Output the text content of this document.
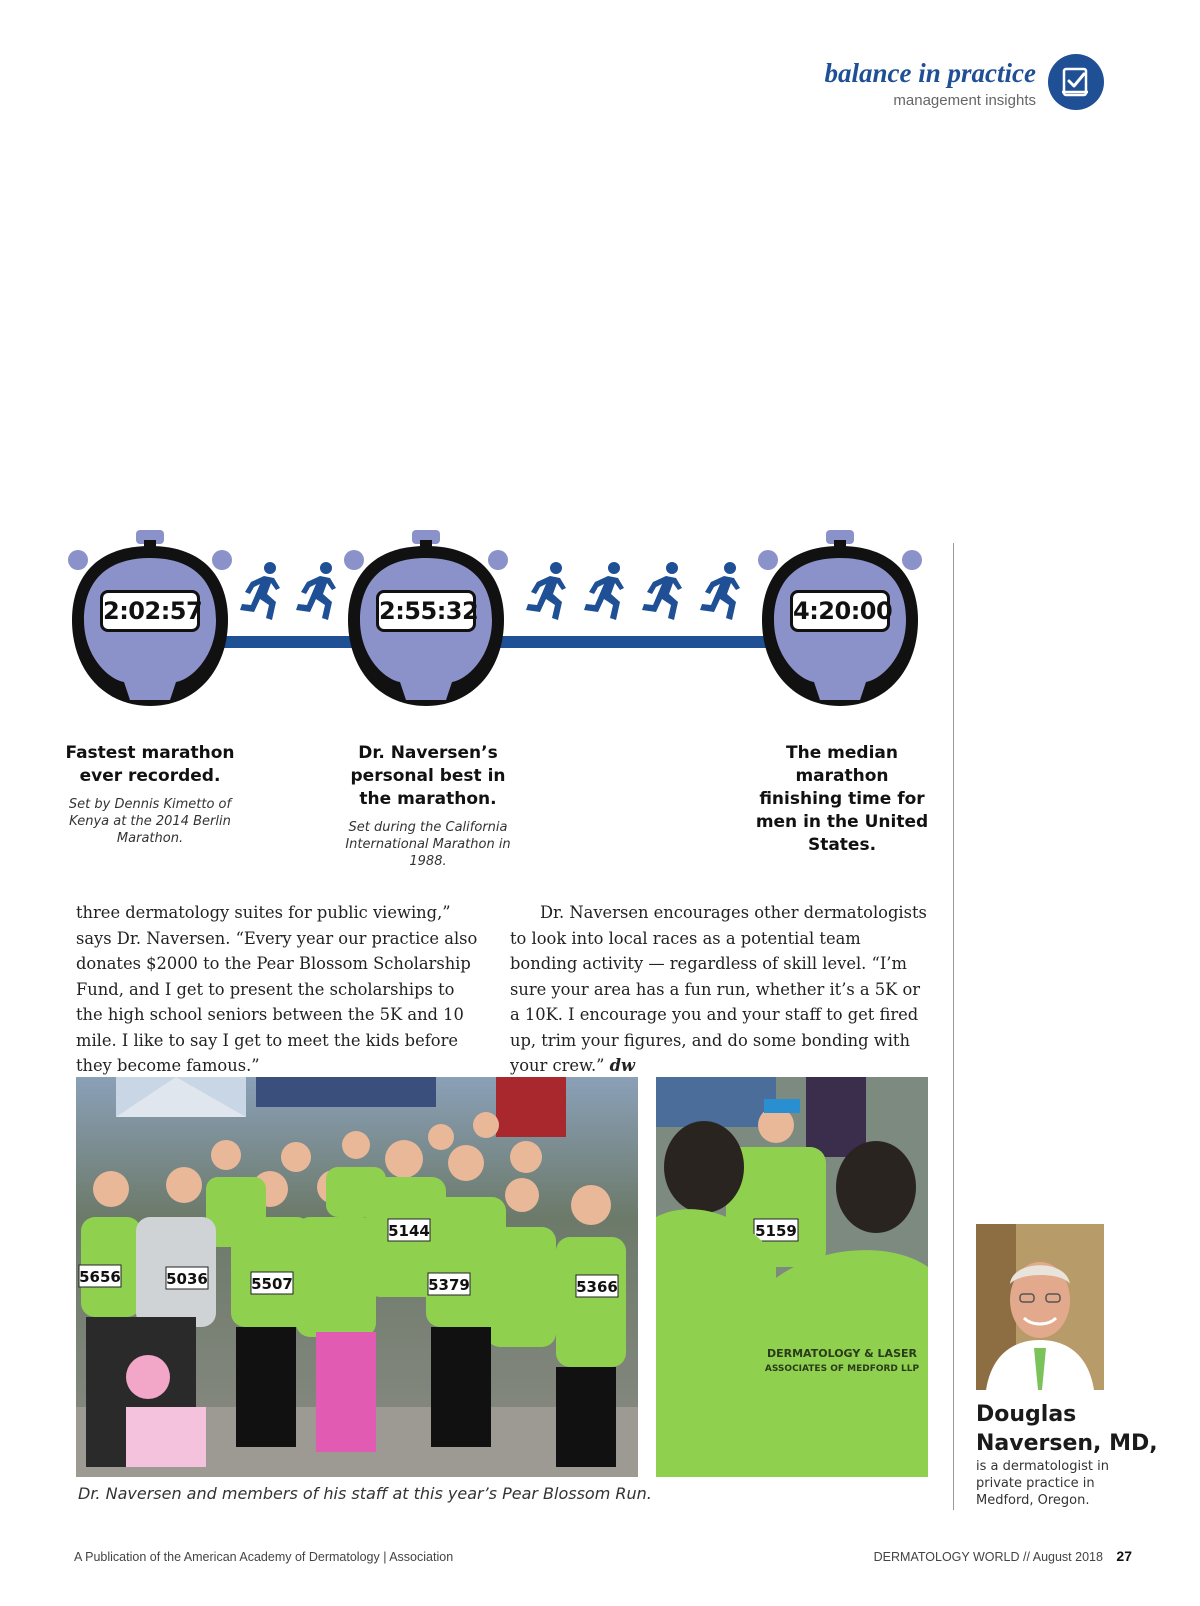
balance in practice
management insights
2:02:57	2:55:32	4:20:00
Fastest marathon ever recorded.
Set by Dennis Kimetto of Kenya at the 2014 Berlin Marathon.
Dr. Naversen’s personal best in the marathon.
Set during the California International Marathon in 1988.
The median marathon finishing time for men in the United States.

three dermatology suites for public viewing,” says Dr. Naversen. “Every year our practice also donates $2000 to the Pear Blossom Scholarship Fund, and I get to present the scholarships to the high school seniors between the 5K and 10 mile. I like to say I get to meet the kids before they become famous.”

Dr. Naversen encourages other dermatologists to look into local races as a potential team bonding activity — regardless of skill level. “I’m sure your area has a fun run, whether it’s a 5K or a 10K. I encourage you and your staff to get fired up, trim your figures, and do some bonding with your crew.” dw

5656	5036	5507
5144
5379	5366
5159
DERMATOLOGY & LASER
ASSOCIATES OF MEDFORD LLP
Dr. Naversen and members of his staff at this year’s Pear Blossom Run.
Douglas Naversen, MD,
is a dermatologist in private practice in Medford, Oregon.
A Publication of the American Academy of Dermatology | Association	DERMATOLOGY WORLD // August 2018 27
